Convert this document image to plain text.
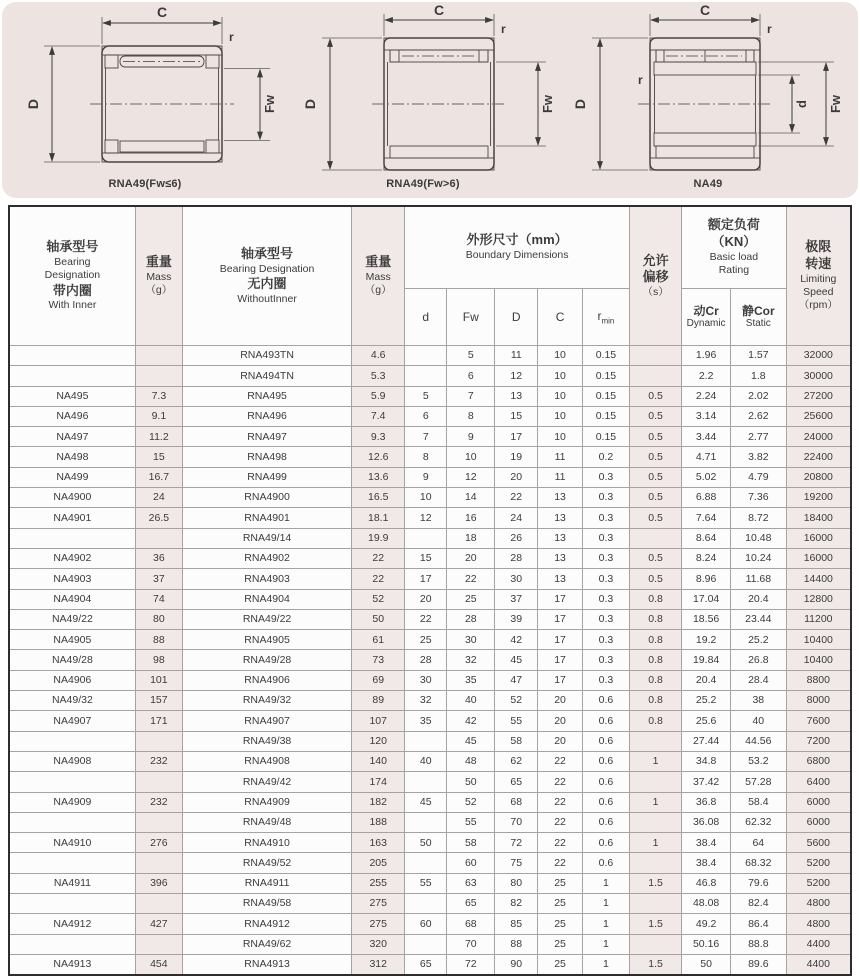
C
r
D	Fw
RNA49(Fw≤6)
C
r
D	Fw
RNA49(Fw>6)
C
r
r
D	d Fw
NA49
轴承型号
Bearing
Designation
带内圈
With Inner

重量
Mass
（g）

轴承型号
Bearing Designation
无内圈
WithoutInner

重量
Mass
（g）

外形尺寸（mm）
Boundary Dimensions	允许
偏移
（s）

额定负荷
（KN）
Basic load
Rating

极限
转速
Limiting
Speed
（rpm）

d	Fw	D	C	$r_{min}$

动Cr
Dynamic

静Cor
Static

		RNA493TN	4.6		5	11	10	0.15		1.96	1.57	32000
		RNA494TN	5.3		6	12	10	0.15		2.2	1.8	30000
NA495	7.3	RNA495	5.9	5	7	13	10	0.15	0.5	2.24	2.02	27200
NA496	9.1	RNA496	7.4	6	8	15	10	0.15	0.5	3.14	2.62	25600
NA497	11.2	RNA497	9.3	7	9	17	10	0.15	0.5	3.44	2.77	24000
NA498	15	RNA498	12.6	8	10	19	11	0.2	0.5	4.71	3.82	22400
NA499	16.7	RNA499	13.6	9	12	20	11	0.3	0.5	5.02	4.79	20800
NA4900	24	RNA4900	16.5	10	14	22	13	0.3	0.5	6.88	7.36	19200
NA4901	26.5	RNA4901	18.1	12	16	24	13	0.3	0.5	7.64	8.72	18400
		RNA49/14	19.9		18	26	13	0.3		8.64	10.48	16000
NA4902	36	RNA4902	22	15	20	28	13	0.3	0.5	8.24	10.24	16000
NA4903	37	RNA4903	22	17	22	30	13	0.3	0.5	8.96	11.68	14400
NA4904	74	RNA4904	52	20	25	37	17	0.3	0.8	17.04	20.4	12800
NA49/22	80	RNA49/22	50	22	28	39	17	0.3	0.8	18.56	23.44	11200
NA4905	88	RNA4905	61	25	30	42	17	0.3	0.8	19.2	25.2	10400
NA49/28	98	RNA49/28	73	28	32	45	17	0.3	0.8	19.84	26.8	10400
NA4906	101	RNA4906	69	30	35	47	17	0.3	0.8	20.4	28.4	8800
NA49/32	157	RNA49/32	89	32	40	52	20	0.6	0.8	25.2	38	8000
NA4907	171	RNA4907	107	35	42	55	20	0.6	0.8	25.6	40	7600
		RNA49/38	120		45	58	20	0.6		27.44	44.56	7200
NA4908	232	RNA4908	140	40	48	62	22	0.6	1	34.8	53.2	6800
		RNA49/42	174		50	65	22	0.6		37.42	57.28	6400
NA4909	232	RNA4909	182	45	52	68	22	0.6	1	36.8	58.4	6000
		RNA49/48	188		55	70	22	0.6		36.08	62.32	6000
NA4910	276	RNA4910	163	50	58	72	22	0.6	1	38.4	64	5600
		RNA49/52	205		60	75	22	0.6		38.4	68.32	5200
NA4911	396	RNA4911	255	55	63	80	25	1	1.5	46.8	79.6	5200
		RNA49/58	275		65	82	25	1		48.08	82.4	4800
NA4912	427	RNA4912	275	60	68	85	25	1	1.5	49.2	86.4	4800
		RNA49/62	320		70	88	25	1		50.16	88.8	4400
NA4913	454	RNA4913	312	65	72	90	25	1	1.5	50	89.6	4400
